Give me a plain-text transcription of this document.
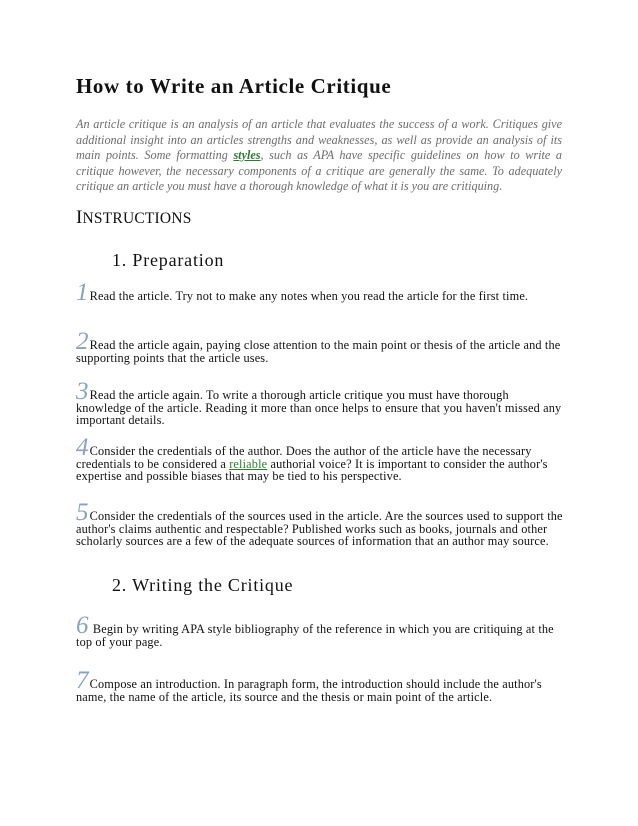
How to Write an Article Critique

An article critique is an analysis of an article that evaluates the success of a work. Critiques give additional insight into an articles strengths and weaknesses, as well as provide an analysis of its main points. Some formatting styles, such as APA have specific guidelines on how to write a critique however, the necessary components of a critique are generally the same. To adequately critique an article you must have a thorough knowledge of what it is you are critiquing.

INSTRUCTIONS
1. Preparation

1Read the article. Try not to make any notes when you read the article for the first time.

2Read the article again, paying close attention to the main point or thesis of the article and the supporting points that the article uses.

3Read the article again. To write a thorough article critique you must have thorough knowledge of the article. Reading it more than once helps to ensure that you haven't missed any important details.

4Consider the credentials of the author. Does the author of the article have the necessary credentials to be considered a reliable authorial voice? It is important to consider the author's expertise and possible biases that may be tied to his perspective.

5Consider the credentials of the sources used in the article. Are the sources used to support the author's claims authentic and respectable? Published works such as books, journals and other scholarly sources are a few of the adequate sources of information that an author may source.

2. Writing the Critique

6 Begin by writing APA style bibliography of the reference in which you are critiquing at the top of your page.

7Compose an introduction. In paragraph form, the introduction should include the author's name, the name of the article, its source and the thesis or main point of the article.
